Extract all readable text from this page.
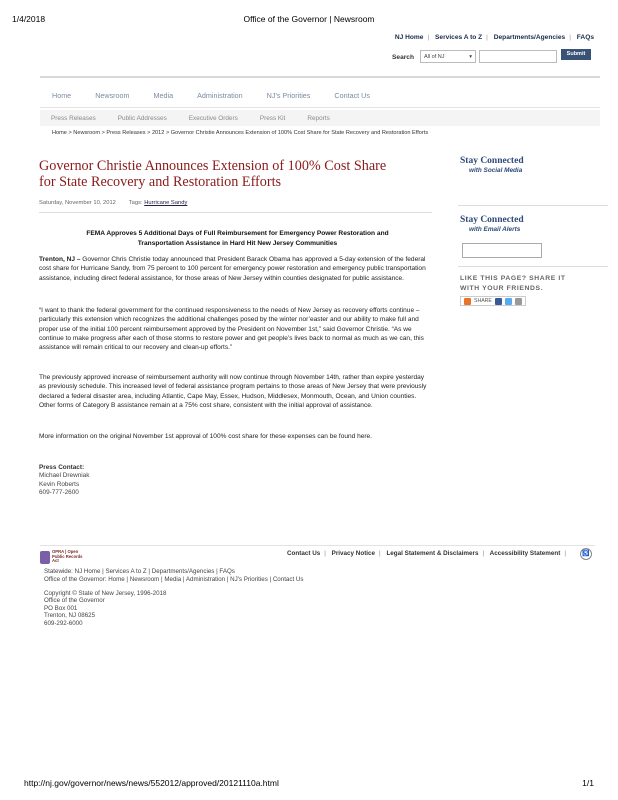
1/4/2018	Office of the Governor | Newsroom
NJ Home | Services A to Z | Departments/Agencies | FAQs
Search All of NJ	▾	Submit
Home	Newsroom	Media	Administration	NJ's Priorities	Contact Us
Press Releases	Public Addresses	Executive Orders	Press Kit	Reports
Home > Newsroom > Press Releases > 2012 > Governor Christie Announces Extension of 100% Cost Share for State Recovery and Restoration Efforts
Governor Christie Announces Extension of 100% Cost Share for State Recovery and Restoration Efforts
Saturday, November 10, 2012 Tags: Hurricane Sandy
FEMA Approves 5 Additional Days of Full Reimbursement for Emergency Power Restoration and Transportation Assistance in Hard Hit New Jersey Communities
Trenton, NJ – Governor Chris Christie today announced that President Barack Obama has approved a 5-day extension of the federal cost share for Hurricane Sandy, from 75 percent to 100 percent for emergency power restoration and emergency public transportation assistance, including direct federal assistance, for those areas of New Jersey within counties designated for public assistance.
“I want to thank the federal government for the continued responsiveness to the needs of New Jersey as recovery efforts continue – particularly this extension which recognizes the additional challenges posed by the winter nor’easter and our ability to make full and proper use of the initial 100 percent reimbursement approved by the President on November 1st,” said Governor Christie. “As we continue to make progress after each of those storms to restore power and get people’s lives back to normal as much as we can, this assistance will remain critical to our recovery and clean-up efforts.”
The previously approved increase of reimbursement authority will now continue through November 14th, rather than expire yesterday as previously schedule. This increased level of federal assistance program pertains to those areas of New Jersey that were previously declared a federal disaster area, including Atlantic, Cape May, Essex, Hudson, Middlesex, Monmouth, Ocean, and Union counties. Other forms of Category B assistance remain at a 75% cost share, consistent with the initial approval of assistance.
More information on the original November 1st approval of 100% cost share for these expenses can be found here.
Press Contact:
Michael Drewniak
Kevin Roberts
609-777-2600
Stay Connected
with Social Media
Stay Connected
with Email Alerts
LIKE THIS PAGE? SHARE IT WITH YOUR FRIENDS.
SHARE
OPRA | Open
Public Records Act
Contact Us | Privacy Notice | Legal Statement & Disclaimers | Accessibility Statement |	♿
Statewide: NJ Home | Services A to Z | Departments/Agencies | FAQs
Office of the Governor: Home | Newsroom | Media | Administration | NJ's Priorities | Contact Us
Copyright © State of New Jersey, 1996-2018
Office of the Governor
PO Box 001
Trenton, NJ 08625
609-292-6000
http://nj.gov/governor/news/news/552012/approved/20121110a.html	1/1
